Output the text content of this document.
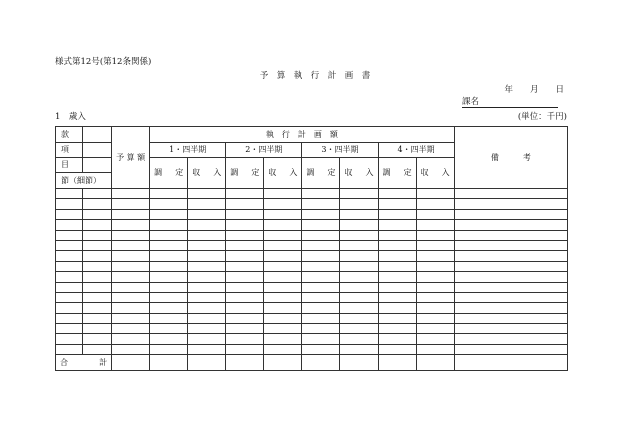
様式第12号(第12条関係)
予　算　執　行　計　画　書
年　　月　　日
課名
1　歳入	(単位：千円)
款		予 算 額	執　行　計　画　額								備　　　考
項			1・四半期		2・四半期		3・四半期		4・四半期		
目			調 定	収 入	調 定	収 入	調 定	収 入	調 定	収 入	

節（細節）											

合 計											
